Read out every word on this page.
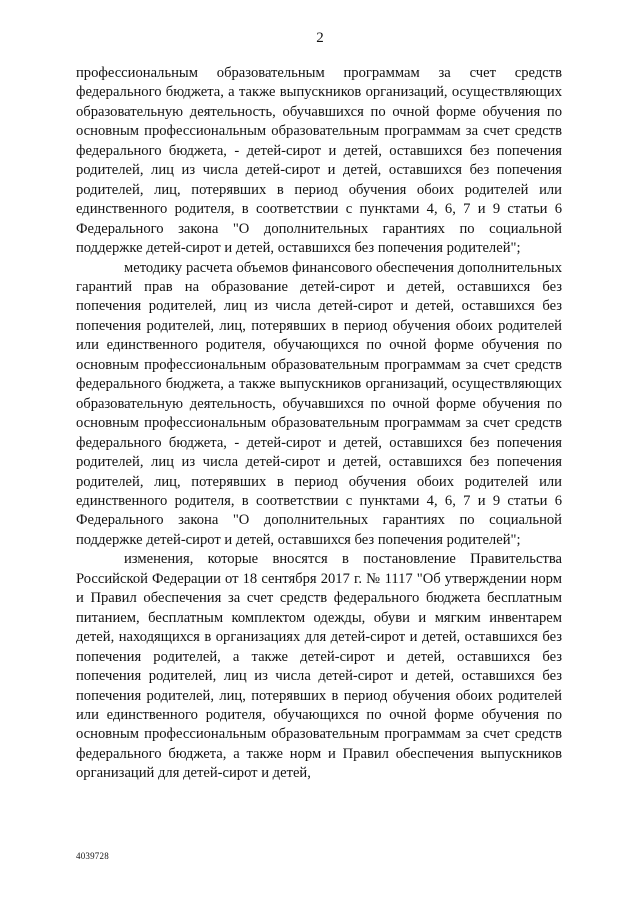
2

профессиональным образовательным программам за счет средств федерального бюджета, а также выпускников организаций, осуществляющих образовательную деятельность, обучавшихся по очной форме обучения по основным профессиональным образовательным программам за счет средств федерального бюджета, - детей-сирот и детей, оставшихся без попечения родителей, лиц из числа детей-сирот и детей, оставшихся без попечения родителей, лиц, потерявших в период обучения обоих родителей или единственного родителя, в соответствии с пунктами 4, 6, 7 и 9 статьи 6 Федерального закона "О дополнительных гарантиях по социальной поддержке детей-сирот и детей, оставшихся без попечения родителей";

методику расчета объемов финансового обеспечения дополнительных гарантий прав на образование детей-сирот и детей, оставшихся без попечения родителей, лиц из числа детей-сирот и детей, оставшихся без попечения родителей, лиц, потерявших в период обучения обоих родителей или единственного родителя, обучающихся по очной форме обучения по основным профессиональным образовательным программам за счет средств федерального бюджета, а также выпускников организаций, осуществляющих образовательную деятельность, обучавшихся по очной форме обучения по основным профессиональным образовательным программам за счет средств федерального бюджета, - детей-сирот и детей, оставшихся без попечения родителей, лиц из числа детей-сирот и детей, оставшихся без попечения родителей, лиц, потерявших в период обучения обоих родителей или единственного родителя, в соответствии с пунктами 4, 6, 7 и 9 статьи 6 Федерального закона "О дополнительных гарантиях по социальной поддержке детей-сирот и детей, оставшихся без попечения родителей";

изменения, которые вносятся в постановление Правительства Российской Федерации от 18 сентября 2017 г. № 1117 "Об утверждении норм и Правил обеспечения за счет средств федерального бюджета бесплатным питанием, бесплатным комплектом одежды, обуви и мягким инвентарем детей, находящихся в организациях для детей-сирот и детей, оставшихся без попечения родителей, а также детей-сирот и детей, оставшихся без попечения родителей, лиц из числа детей-сирот и детей, оставшихся без попечения родителей, лиц, потерявших в период обучения обоих родителей или единственного родителя, обучающихся по очной форме обучения по основным профессиональным образовательным программам за счет средств федерального бюджета, а также норм и Правил обеспечения выпускников организаций для детей-сирот и детей,

4039728
